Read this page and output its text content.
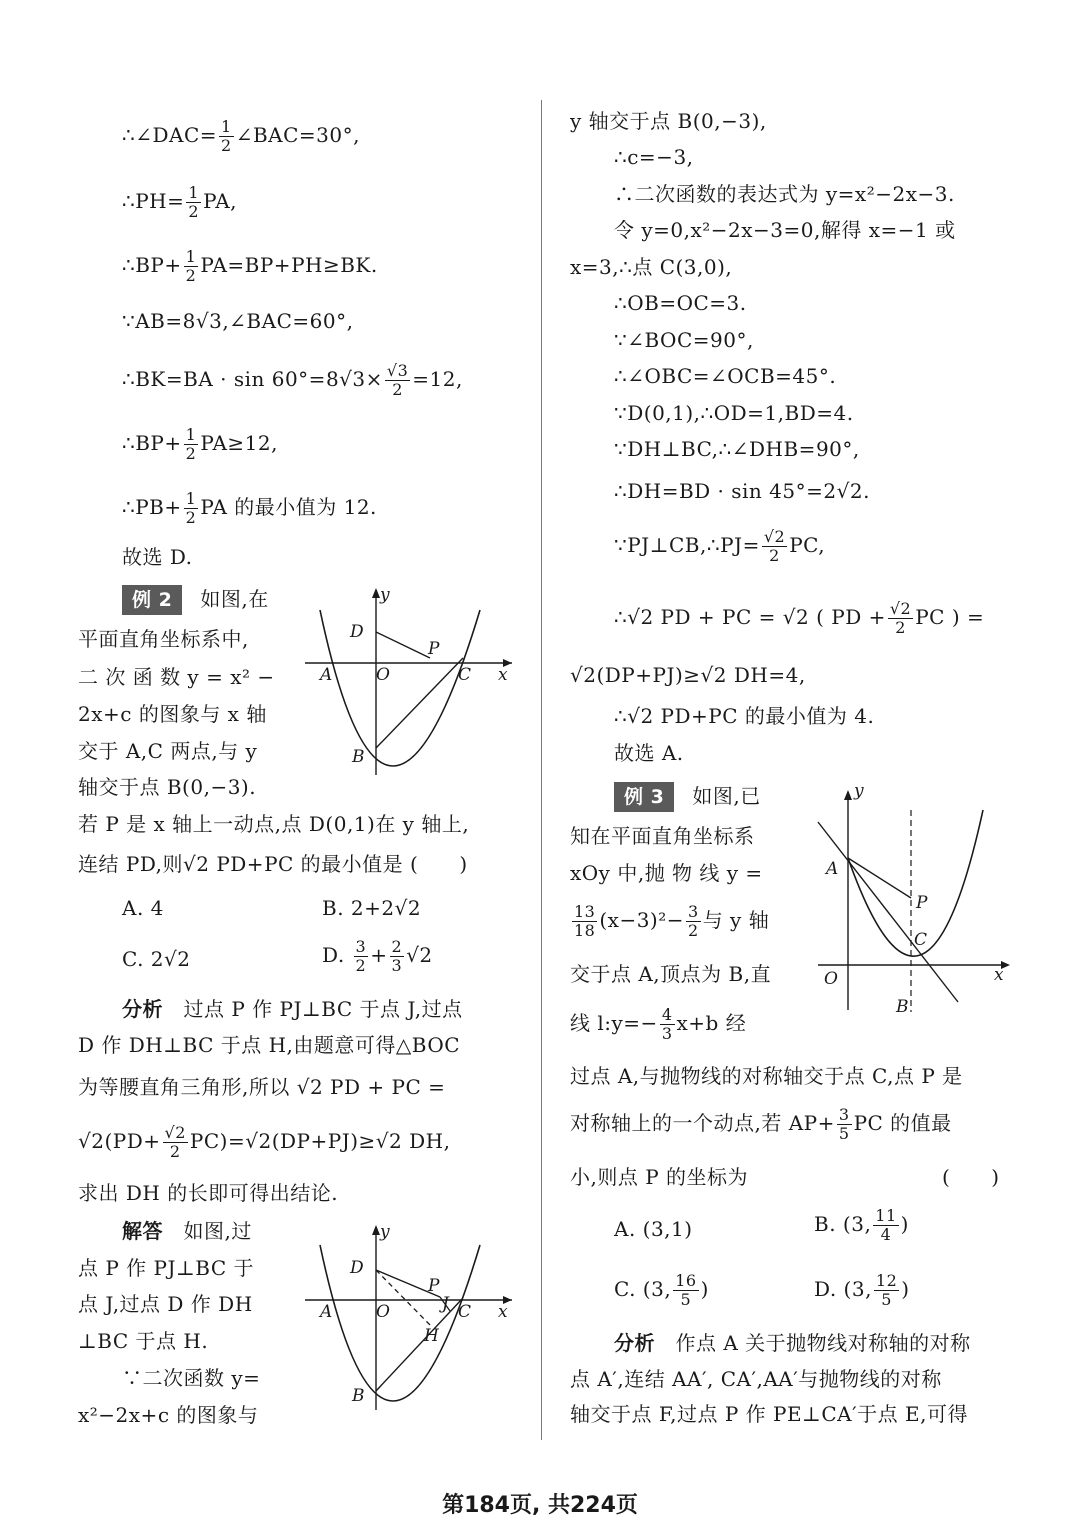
∴∠DAC= $\frac{1}{2}$ ∠BAC=30°,
∴PH= $\frac{1}{2}$ PA,
∴BP+ $\frac{1}{2} PA=BP+PH\ge BK$.
∵AB=8√3,∠BAC=60°,
∴BK=BA · $\sin 60^\circ=8√3\times \frac{√3}{2} =12$,
∴BP+ $\frac{1}{2} PA\ge 12$,
∴PB+ $\frac{1}{2}$ PA 的最小值为 12.
故选 D.
例 2 如图,在
平面直角坐标系中,
二 次 函 数 y = x² −
2x+c 的图象与 x 轴
交于 A,C 两点,与 y
轴交于点 B(0,−3).
若 P 是 x 轴上一动点,点 D(0,1)在 y 轴上,
连结 PD,则√2 PD+PC 的最小值是 (　　)
A. 4	B. 2+2√2
C. 2√2	D. $\frac{3}{2} + \frac{2}{3} √2$
分析　 过点 P 作 PJ⊥BC 于点 J,过点
D 作 DH⊥BC 于点 H,由题意可得△BOC
为等腰直角三角形,所以 √2 PD + PC =
$√2(PD+ \frac{√2}{2} PC)=√2(DP+PJ)\ge√2$ DH,
求出 DH 的长即可得出结论.
解答　 如图,过
点 P 作 PJ⊥BC 于
点 J,过点 D 作 DH
⊥BC 于点 H.
∵二次函数 y=
x²−2x+c 的图象与
y
x
D
P
A	O	C
B
y
x
D
P
J
A	O	C
H
B
y 轴交于点 B(0,−3),
∴c=−3,
∴二次函数的表达式为 y=x²−2x−3.
令 y=0,x²−2x−3=0,解得 x=−1 或
x=3,∴点 C(3,0),
∴OB=OC=3.
∵∠BOC=90°,
∴∠OBC=∠OCB=45°.
∵D(0,1),∴OD=1,BD=4.
∵DH⊥BC,∴∠DHB=90°,
∴DH=BD · sin 45°=2√2.
∵PJ⊥CB,∴PJ= $\frac{√2}{2}$ PC,
∴√2 PD + PC = √2 ( PD + $\frac{√2}{2}$ PC ) =
√2(DP+PJ)≥√2 DH=4,
∴√2 PD+PC 的最小值为 4.
故选 A.
例 3 如图,已
知在平面直角坐标系
xOy 中,抛 物 线 y =
$\frac{13}{18} (x-3)^2- \frac{3}{2}$ 与 y 轴
交于点 A,顶点为 B,直
线 l:y=− $\frac{4}{3} x+b$ 经
过点 A,与抛物线的对称轴交于点 C,点 P 是
对称轴上的一个动点,若 $AP+ \frac{3}{5}$ PC 的值最
小,则点 P 的坐标为	(　　)
A. (3,1)	B. (3, $\frac{11}{4}$ )
C. (3, $\frac{16}{5}$ )	D. (3, $\frac{12}{5}$ )
分析　 作点 A 关于抛物线对称轴的对称
点 A′,连结 AA′, CA′,AA′与抛物线的对称
轴交于点 F,过点 P 作 PE⊥CA′于点 E,可得
y
x
A
P
C
O
B
第184页, 共224页
